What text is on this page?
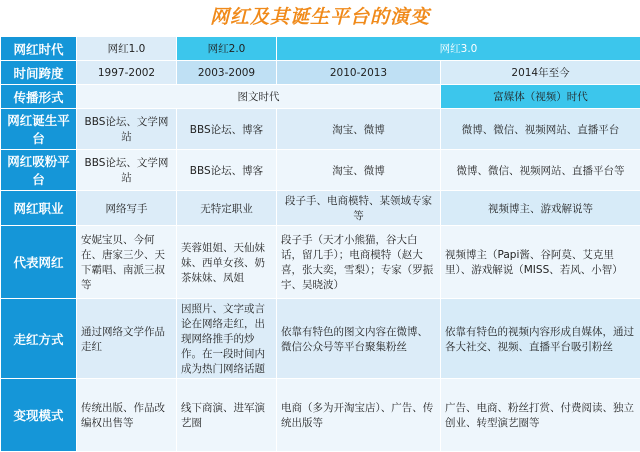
网红及其诞生平台的演变
网红时代	网红1.0	网红2.0	网红3.0	
时间跨度	1997-2002	2003-2009	2010-2013	2014年至今
传播形式	图文时代			富媒体（视频）时代
网红诞生平台	BBS论坛、文学网站	BBS论坛、博客	淘宝、微博	微博、微信、视频网站、直播平台
网红吸粉平台	BBS论坛、文学网站	BBS论坛、博客	淘宝、微博	微博、微信、视频网站、直播平台等
网红职业	网络写手	无特定职业	段子手、电商模特、某领域专家等	视频博主、游戏解说等
代表网红	安妮宝贝、今何在、唐家三少、天下霸唱、南派三叔等	芙蓉姐姐、天仙妹妹、西单女孩、奶茶妹妹、凤姐	段子手（天才小熊猫，谷大白话，留几手）；电商模特（赵大喜，张大奕，雪梨）；专家（罗振宇、吴晓波）	视频博主（Papi酱、谷阿莫、艾克里里）、游戏解说（MISS、若风、小智）
走红方式	通过网络文学作品走红	因照片、文字或言论在网络走红，出现网络推手的炒作。在一段时间内成为热门网络话题	依靠有特色的图文内容在微博、微信公众号等平台聚集粉丝	依靠有特色的视频内容形成自媒体，通过各大社交、视频、直播平台吸引粉丝
变现模式	传统出版、作品改编权出售等	线下商演、进军演艺圈	电商（多为开淘宝店）、广告、传统出版等	广告、电商、粉丝打赏、付费阅读、独立创业、转型演艺圈等
